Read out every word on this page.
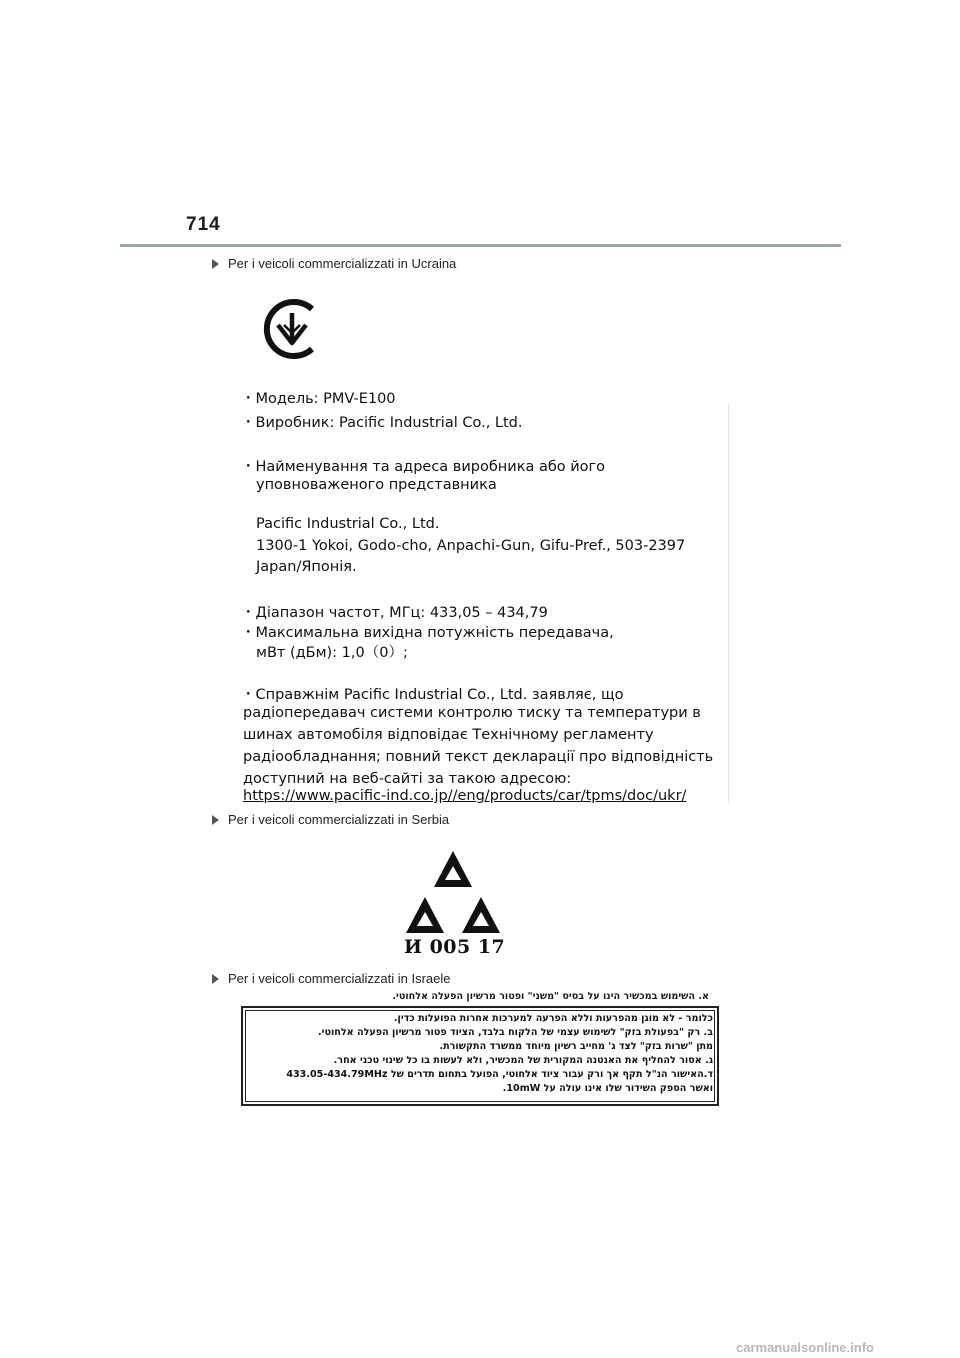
714
Per i veicoli commercializzati in Ucraina
・Модель: PMV-E100
・Виробник: Pacific Industrial Co., Ltd.
・Найменування та адреса виробника або його
уповноваженого представника
Pacific Industrial Co., Ltd.
1300-1 Yokoi, Godo-cho, Anpachi-Gun, Gifu-Pref., 503-2397
Japan/Японія.
・Діапазон частот, МГц: 433,05 – 434,79
・Максимальна вихідна потужність передавача,
мВт (дБм): 1,0（0）;
・Справжнім Pacific Industrial Co., Ltd. заявляє, що
радіопередавач системи контролю тиску та температури в
шинах автомобіля відповідає Технічному регламенту
радіообладнання; повний текст декларації про відповідність
доступний на веб-сайті за такою адресою:
https://www.pacific-ind.co.jp//eng/products/car/tpms/doc/ukr/
Per i veicoli commercializzati in Serbia
И 005 17
Per i veicoli commercializzati in Israele
א. השימוש במכשיר הינו על בסיס "משני" ופטור מרשיון הפעלה אלחוטי.
כלומר - לא מוגן מהפרעות וללא הפרעה למערכות אחרות הפועלות כדין.
ב. רק "בפעולת בזק" לשימוש עצמי של הלקוח בלבד, הציוד פטור מרשיון הפעלה אלחוטי.
מתן "שרות בזק" לצד ג' מחייב רשיון מיוחד ממשרד התקשורת.
ג. אסור להחליף את האנטנה המקורית של המכשיר, ולא לעשות בו כל שינוי טכני אחר.
ד.האישור הנ"ל תקף אך ורק עבור ציוד אלחוטי, הפועל בתחום תדרים של 433.05-434.79MHz
ואשר הספק השידור שלו אינו עולה על 10mW.
carmanualsonline.info
